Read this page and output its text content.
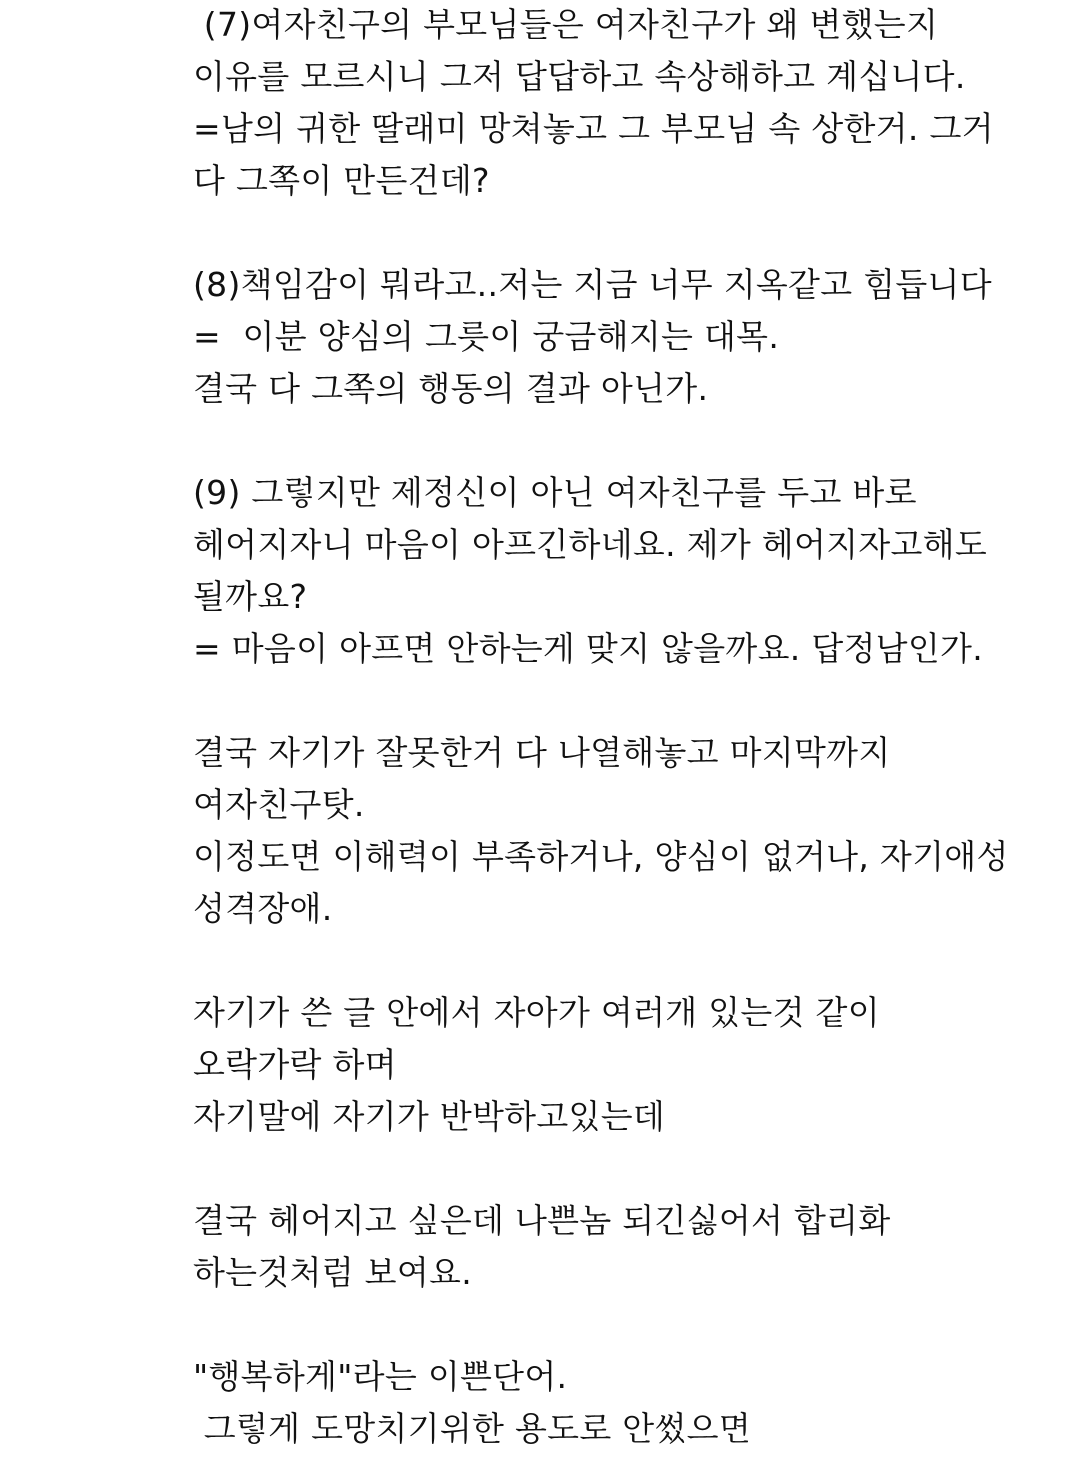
(7)여자친구의 부모님들은 여자친구가 왜 변했는지
이유를 모르시니 그저 답답하고 속상해하고 계십니다.
=남의 귀한 딸래미 망쳐놓고 그 부모님 속 상한거. 그거
다 그쪽이 만든건데?
(8)책임감이 뭐라고..저는 지금 너무 지옥같고 힘듭니다
=  이분 양심의 그릇이 궁금해지는 대목.
결국 다 그쪽의 행동의 결과 아닌가.
(9) 그렇지만 제정신이 아닌 여자친구를 두고 바로
헤어지자니 마음이 아프긴하네요. 제가 헤어지자고해도
될까요?
= 마음이 아프면 안하는게 맞지 않을까요. 답정남인가.
결국 자기가 잘못한거 다 나열해놓고 마지막까지
여자친구탓.
이정도면 이해력이 부족하거나, 양심이 없거나, 자기애성
성격장애.
자기가 쓴 글 안에서 자아가 여러개 있는것 같이
오락가락 하며
자기말에 자기가 반박하고있는데
결국 헤어지고 싶은데 나쁜놈 되긴싫어서 합리화
하는것처럼 보여요.
"행복하게"라는 이쁜단어.
그렇게 도망치기위한 용도로 안썼으면
